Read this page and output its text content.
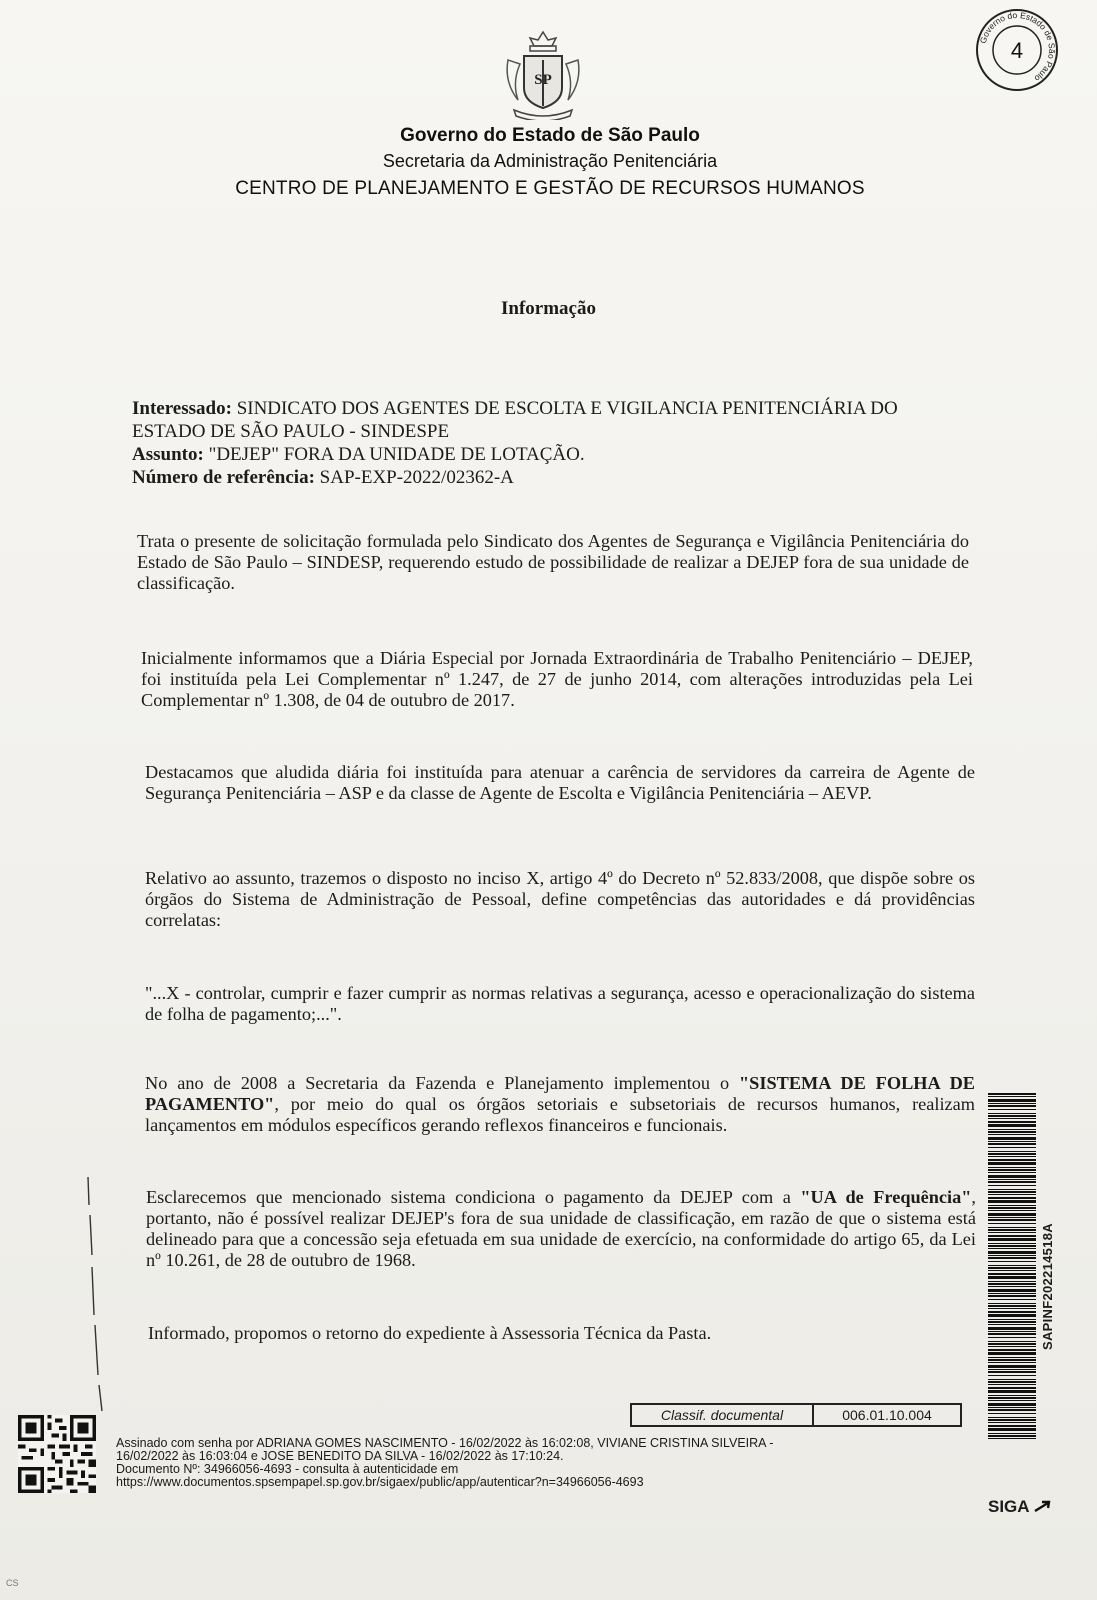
SP
Governo do Estado de São Paulo
Secretaria da Administração Penitenciária
CENTRO DE PLANEJAMENTO E GESTÃO DE RECURSOS HUMANOS
Governo do Estado de São Paulo
4
Informação
Interessado: SINDICATO DOS AGENTES DE ESCOLTA E VIGILANCIA PENITENCIÁRIA DO ESTADO DE SÃO PAULO - SINDESPE
Assunto: "DEJEP" FORA DA UNIDADE DE LOTAÇÃO.
Número de referência: SAP-EXP-2022/02362-A
Trata o presente de solicitação formulada pelo Sindicato dos Agentes de Segurança e Vigilância Penitenciária do Estado de São Paulo – SINDESP, requerendo estudo de possibilidade de realizar a DEJEP fora de sua unidade de classificação.
Inicialmente informamos que a Diária Especial por Jornada Extraordinária de Trabalho Penitenciário – DEJEP, foi instituída pela Lei Complementar nº 1.247, de 27 de junho 2014, com alterações introduzidas pela Lei Complementar nº 1.308, de 04 de outubro de 2017.
Destacamos que aludida diária foi instituída para atenuar a carência de servidores da carreira de Agente de Segurança Penitenciária – ASP e da classe de Agente de Escolta e Vigilância Penitenciária – AEVP.
Relativo ao assunto, trazemos o disposto no inciso X, artigo 4º do Decreto nº 52.833/2008, que dispõe sobre os órgãos do Sistema de Administração de Pessoal, define competências das autoridades e dá providências correlatas:
"...X - controlar, cumprir e fazer cumprir as normas relativas a segurança, acesso e operacionalização do sistema de folha de pagamento;...".
No ano de 2008 a Secretaria da Fazenda e Planejamento implementou o "SISTEMA DE FOLHA DE PAGAMENTO", por meio do qual os órgãos setoriais e subsetoriais de recursos humanos, realizam lançamentos em módulos específicos gerando reflexos financeiros e funcionais.
Esclarecemos que mencionado sistema condiciona o pagamento da DEJEP com a "UA de Frequência", portanto, não é possível realizar DEJEP's fora de sua unidade de classificação, em razão de que o sistema está delineado para que a concessão seja efetuada em sua unidade de exercício, na conformidade do artigo 65, da Lei nº 10.261, de 28 de outubro de 1968.
Informado, propomos o retorno do expediente à Assessoria Técnica da Pasta.
Classif. documental	006.01.10.004
Assinado com senha por ADRIANA GOMES NASCIMENTO - 16/02/2022 às 16:02:08, VIVIANE CRISTINA SILVEIRA -
16/02/2022 às 16:03:04 e JOSE BENEDITO DA SILVA - 16/02/2022 às 17:10:24.
Documento Nº: 34966056-4693 - consulta à autenticidade em
https://www.documentos.spsempapel.sp.gov.br/sigaex/public/app/autenticar?n=34966056-4693
SAPINF202214518A
SIGA
CS
